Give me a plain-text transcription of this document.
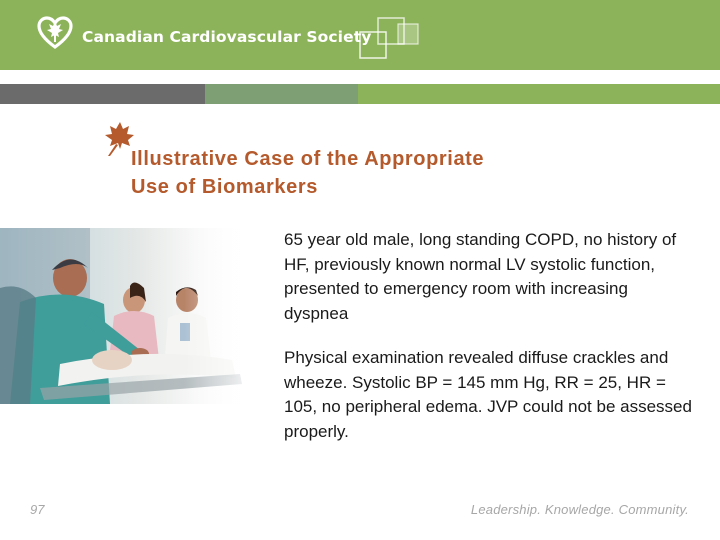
Canadian Cardiovascular Society
Illustrative Case of the Appropriate
Use of Biomarkers

65 year old male, long standing COPD, no history of HF, previously known normal LV systolic function, presented to emergency room with increasing dyspnea

Physical examination revealed diffuse crackles and wheeze. Systolic BP = 145 mm Hg, RR = 25, HR = 105, no peripheral edema. JVP could not be assessed properly.

97	Leadership. Knowledge. Community.
